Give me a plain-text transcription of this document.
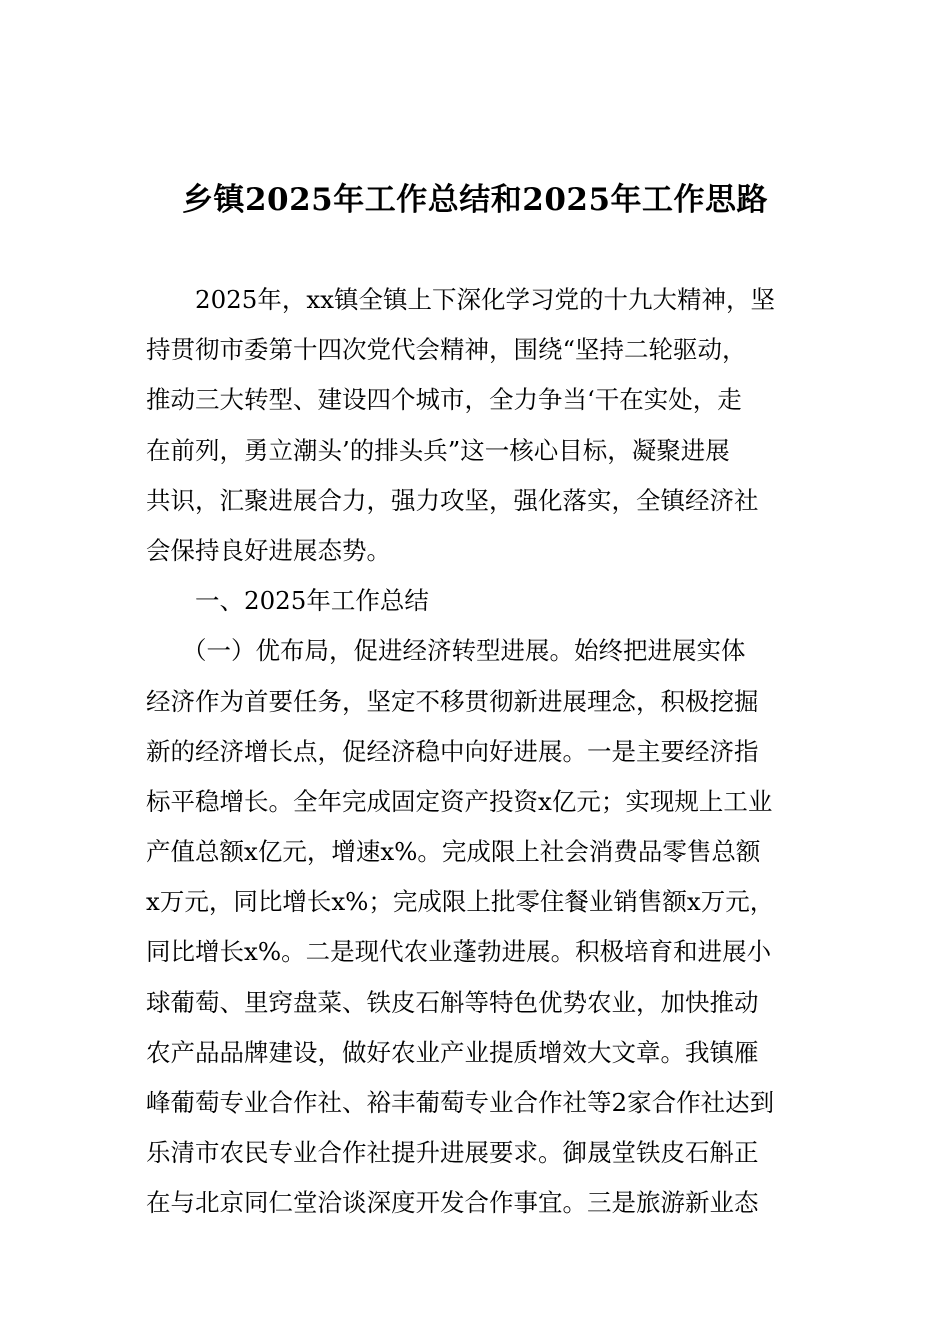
乡镇2025年工作总结和2025年工作思路
2025年，xx镇全镇上下深化学习党的十九大精神，坚
持贯彻市委第十四次党代会精神，围绕“坚持二轮驱动，
推动三大转型、建设四个城市，全力争当‘干在实处，走
在前列，勇立潮头’的排头兵”这一核心目标，凝聚进展
共识，汇聚进展合力，强力攻坚，强化落实，全镇经济社
会保持良好进展态势。
一、2025年工作总结
（一）优布局，促进经济转型进展。始终把进展实体
经济作为首要任务，坚定不移贯彻新进展理念，积极挖掘
新的经济增长点，促经济稳中向好进展。一是主要经济指
标平稳增长。全年完成固定资产投资x亿元；实现规上工业
产值总额x亿元，增速x%。完成限上社会消费品零售总额
x万元，同比增长x%；完成限上批零住餐业销售额x万元，
同比增长x%。二是现代农业蓬勃进展。积极培育和进展小
球葡萄、里窍盘菜、铁皮石斛等特色优势农业，加快推动
农产品品牌建设，做好农业产业提质增效大文章。我镇雁
峰葡萄专业合作社、裕丰葡萄专业合作社等2家合作社达到
乐清市农民专业合作社提升进展要求。御晟堂铁皮石斛正
在与北京同仁堂洽谈深度开发合作事宜。三是旅游新业态
